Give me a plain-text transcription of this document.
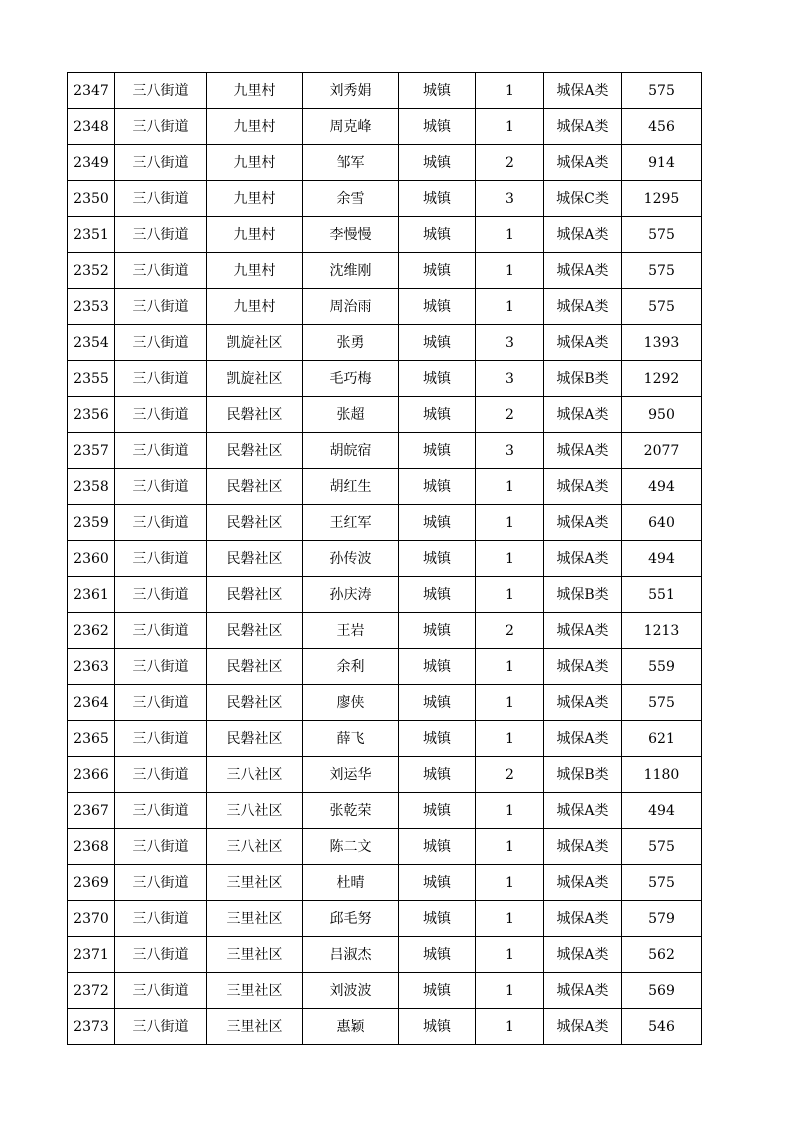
2347	三八街道	九里村	刘秀娟	城镇	1	城保A类	575
2348	三八街道	九里村	周克峰	城镇	1	城保A类	456
2349	三八街道	九里村	邹军	城镇	2	城保A类	914
2350	三八街道	九里村	余雪	城镇	3	城保C类	1295
2351	三八街道	九里村	李慢慢	城镇	1	城保A类	575
2352	三八街道	九里村	沈维刚	城镇	1	城保A类	575
2353	三八街道	九里村	周治雨	城镇	1	城保A类	575
2354	三八街道	凯旋社区	张勇	城镇	3	城保A类	1393
2355	三八街道	凯旋社区	毛巧梅	城镇	3	城保B类	1292
2356	三八街道	民磐社区	张超	城镇	2	城保A类	950
2357	三八街道	民磐社区	胡皖宿	城镇	3	城保A类	2077
2358	三八街道	民磐社区	胡红生	城镇	1	城保A类	494
2359	三八街道	民磐社区	王红军	城镇	1	城保A类	640
2360	三八街道	民磐社区	孙传波	城镇	1	城保A类	494
2361	三八街道	民磐社区	孙庆涛	城镇	1	城保B类	551
2362	三八街道	民磐社区	王岩	城镇	2	城保A类	1213
2363	三八街道	民磐社区	余利	城镇	1	城保A类	559
2364	三八街道	民磐社区	廖侠	城镇	1	城保A类	575
2365	三八街道	民磐社区	薛飞	城镇	1	城保A类	621
2366	三八街道	三八社区	刘运华	城镇	2	城保B类	1180
2367	三八街道	三八社区	张乾荣	城镇	1	城保A类	494
2368	三八街道	三八社区	陈二文	城镇	1	城保A类	575
2369	三八街道	三里社区	杜晴	城镇	1	城保A类	575
2370	三八街道	三里社区	邱毛努	城镇	1	城保A类	579
2371	三八街道	三里社区	吕淑杰	城镇	1	城保A类	562
2372	三八街道	三里社区	刘波波	城镇	1	城保A类	569
2373	三八街道	三里社区	惠颖	城镇	1	城保A类	546
